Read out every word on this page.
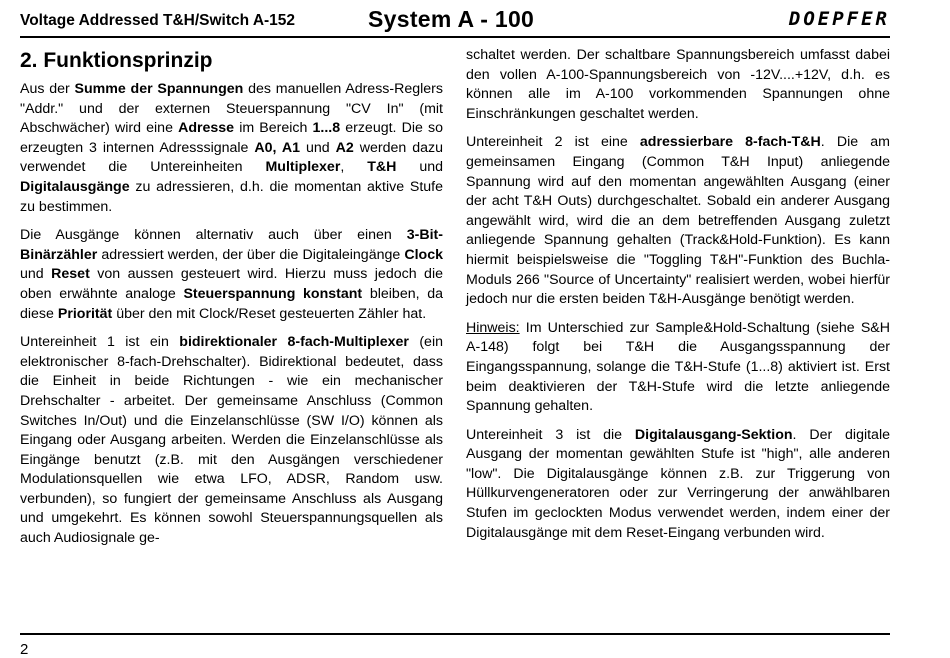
Voltage Addressed T&H/Switch A-152	System A - 100	DOEPFER
2. Funktionsprinzip

Aus der Summe der Spannungen des manuellen Adress-Reglers "Addr." und der externen Steuerspannung "CV In" (mit Abschwächer) wird eine Adresse im Bereich 1...8 erzeugt. Die so erzeugten 3 internen Adresssignale A0, A1 und A2 werden dazu verwendet die Untereinheiten Multiplexer, T&H und Digitalausgänge zu adressieren, d.h. die momentan aktive Stufe zu bestimmen.

Die Ausgänge können alternativ auch über einen 3-Bit-Binärzähler adressiert werden, der über die Digitaleingänge Clock und Reset von aussen gesteuert wird. Hierzu muss jedoch die oben erwähnte analoge Steuerspannung konstant bleiben, da diese Priorität über den mit Clock/Reset gesteuerten Zähler hat.

Untereinheit 1 ist ein bidirektionaler 8-fach-Multiplexer (ein elektronischer 8-fach-Drehschalter). Bidirektional bedeutet, dass die Einheit in beide Richtungen - wie ein mechanischer Drehschalter - arbeitet. Der gemeinsame Anschluss (Common Switches In/Out) und die Einzelanschlüsse (SW I/O) können als Eingang oder Ausgang arbeiten. Werden die Einzelanschlüsse als Eingänge benutzt (z.B. mit den Ausgängen verschiedener Modulationsquellen wie etwa LFO, ADSR, Random usw. verbunden), so fungiert der gemeinsame Anschluss als Ausgang und umgekehrt. Es können sowohl Steuerspannungsquellen als auch Audiosignale ge-

schaltet werden. Der schaltbare Spannungsbereich umfasst dabei den vollen A-100-Spannungsbereich von -12V....+12V, d.h. es können alle im A-100 vorkommenden Spannungen ohne Einschränkungen geschaltet werden.

Untereinheit 2 ist eine adressierbare 8-fach-T&H. Die am gemeinsamen Eingang (Common T&H Input) anliegende Spannung wird auf den momentan angewählten Ausgang (einer der acht T&H Outs) durchgeschaltet. Sobald ein anderer Ausgang angewählt wird, wird die an dem betreffenden Ausgang zuletzt anliegende Spannung gehalten (Track&Hold-Funktion). Es kann hiermit beispielsweise die "Toggling T&H"-Funktion des Buchla-Moduls 266 "Source of Uncertainty" realisiert werden, wobei hierfür jedoch nur die ersten beiden T&H-Ausgänge benötigt werden.

Hinweis: Im Unterschied zur Sample&Hold-Schaltung (siehe S&H A-148) folgt bei T&H die Ausgangsspannung der Eingangsspannung, solange die T&H-Stufe (1...8) aktiviert ist. Erst beim deaktivieren der T&H-Stufe wird die letzte anliegende Spannung gehalten.

Untereinheit 3 ist die Digitalausgang-Sektion. Der digitale Ausgang der momentan gewählten Stufe ist "high", alle anderen "low". Die Digitalausgänge können z.B. zur Triggerung von Hüllkurvengeneratoren oder zur Verringerung der anwählbaren Stufen im geclockten Modus verwendet werden, indem einer der Digitalausgänge mit dem Reset-Eingang verbunden wird.

2
